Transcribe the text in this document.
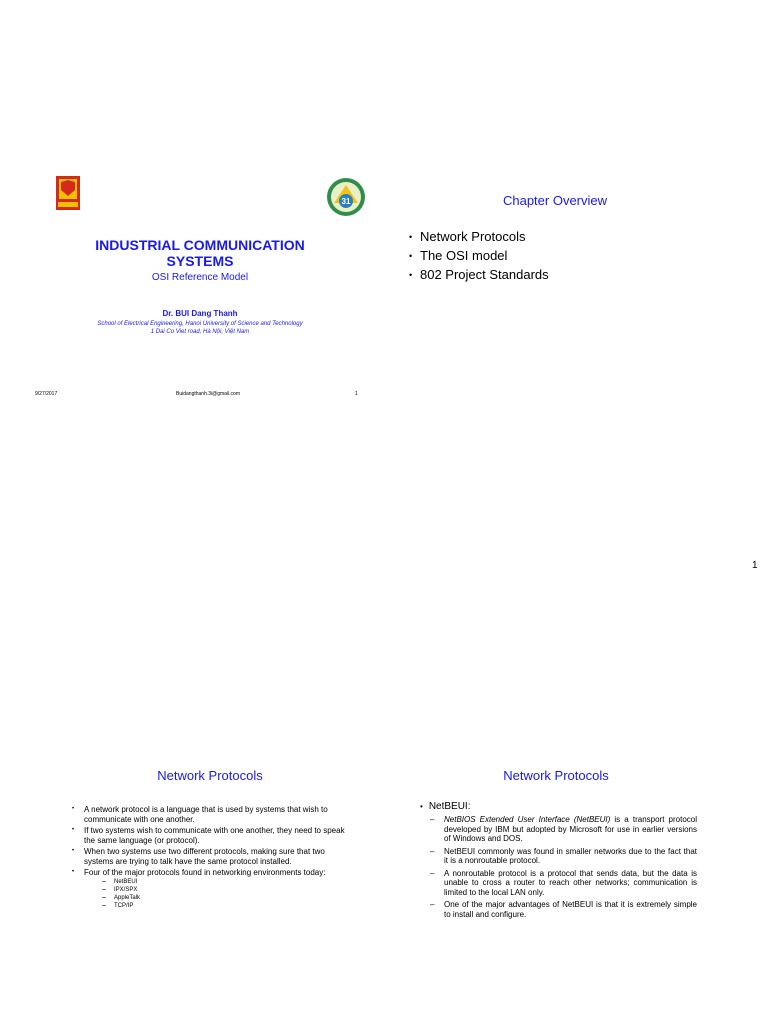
31
INDUSTRIAL COMMUNICATION SYSTEMS
OSI Reference Model
Dr. BUI Dang Thanh
School of Electrical Engineering, Hanoi University of Science and Technology
1 Dai Co Viet road, Hà Nội, Việt Nam
9/27/2017	Buidangthanh.3i@gmail.com	1
Chapter Overview
• Network Protocols
• The OSI model
• 802 Project Standards
1
Network Protocols
• A network protocol is a language that is used by systems that wish to communicate with one another.
• If two systems wish to communicate with one another, they need to speak the same language (or protocol).
• When two systems use two different protocols, making sure that two systems are trying to talk have the same protocol installed.
• Four of the major protocols found in networking environments today:
– NetBEUI
– IPX/SPX
– AppleTalk
– TCP/IP
Network Protocols
• NetBEUI:
– NetBIOS Extended User Interface (NetBEUI) is a transport protocol developed by IBM but adopted by Microsoft for use in earlier versions of Windows and DOS.
– NetBEUI commonly was found in smaller networks due to the fact that it is a nonroutable protocol.
– A nonroutable protocol is a protocol that sends data, but the data is unable to cross a router to reach other networks; communication is limited to the local LAN only.
– One of the major advantages of NetBEUI is that it is extremely simple to install and configure.
